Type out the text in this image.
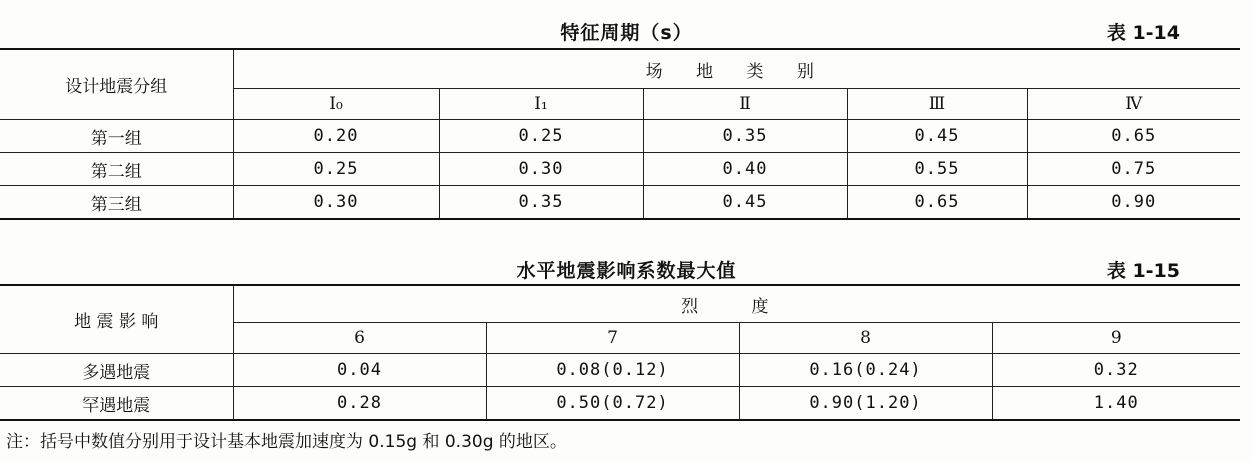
特征周期（s）	表 1-14
设计地震分组	场 地 类 别				
	Ⅰ₀	Ⅰ₁	Ⅱ	Ⅲ	Ⅳ
第一组	0.20	0.25	0.35	0.45	0.65
第二组	0.25	0.30	0.40	0.55	0.75
第三组	0.30	0.35	0.45	0.65	0.90
水平地震影响系数最大值	表 1-15
地 震 影 响	烈 度			
	6	7	8	9
多遇地震	0.04	0.08(0.12)	0.16(0.24)	0.32
罕遇地震	0.28	0.50(0.72)	0.90(1.20)	1.40
注：括号中数值分别用于设计基本地震加速度为 0.15g 和 0.30g 的地区。
